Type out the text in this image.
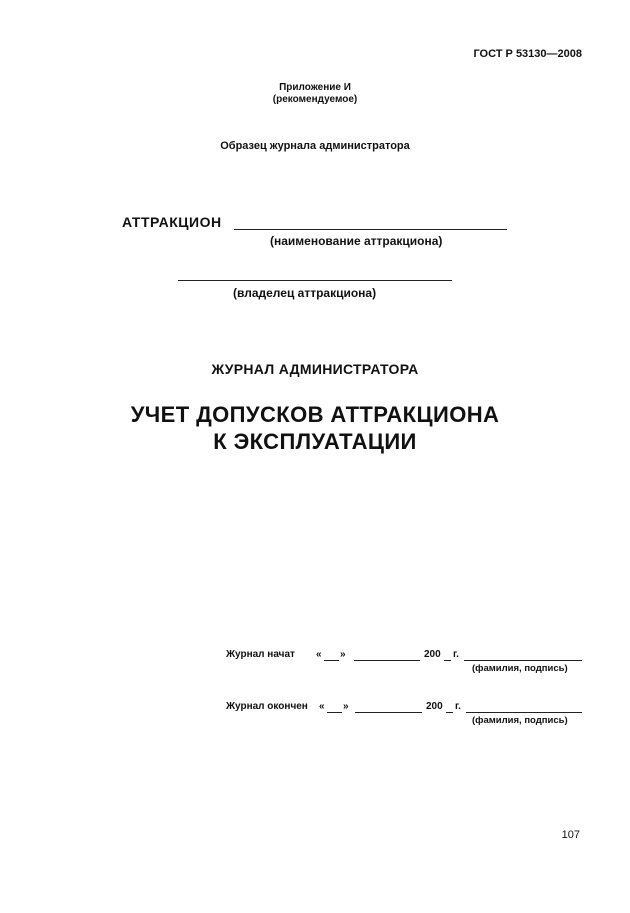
ГОСТ Р 53130—2008
Приложение И
(рекомендуемое)
Образец журнала администратора
АТТРАКЦИОН
(наименование аттракциона)
(владелец аттракциона)
ЖУРНАЛ АДМИНИСТРАТОРА
УЧЕТ ДОПУСКОВ АТТРАКЦИОНА
К ЭКСПЛУАТАЦИИ
Журнал начат « »	200 г.
(фамилия, подпись)
Журнал окончен « »	200 г.
(фамилия, подпись)
107
